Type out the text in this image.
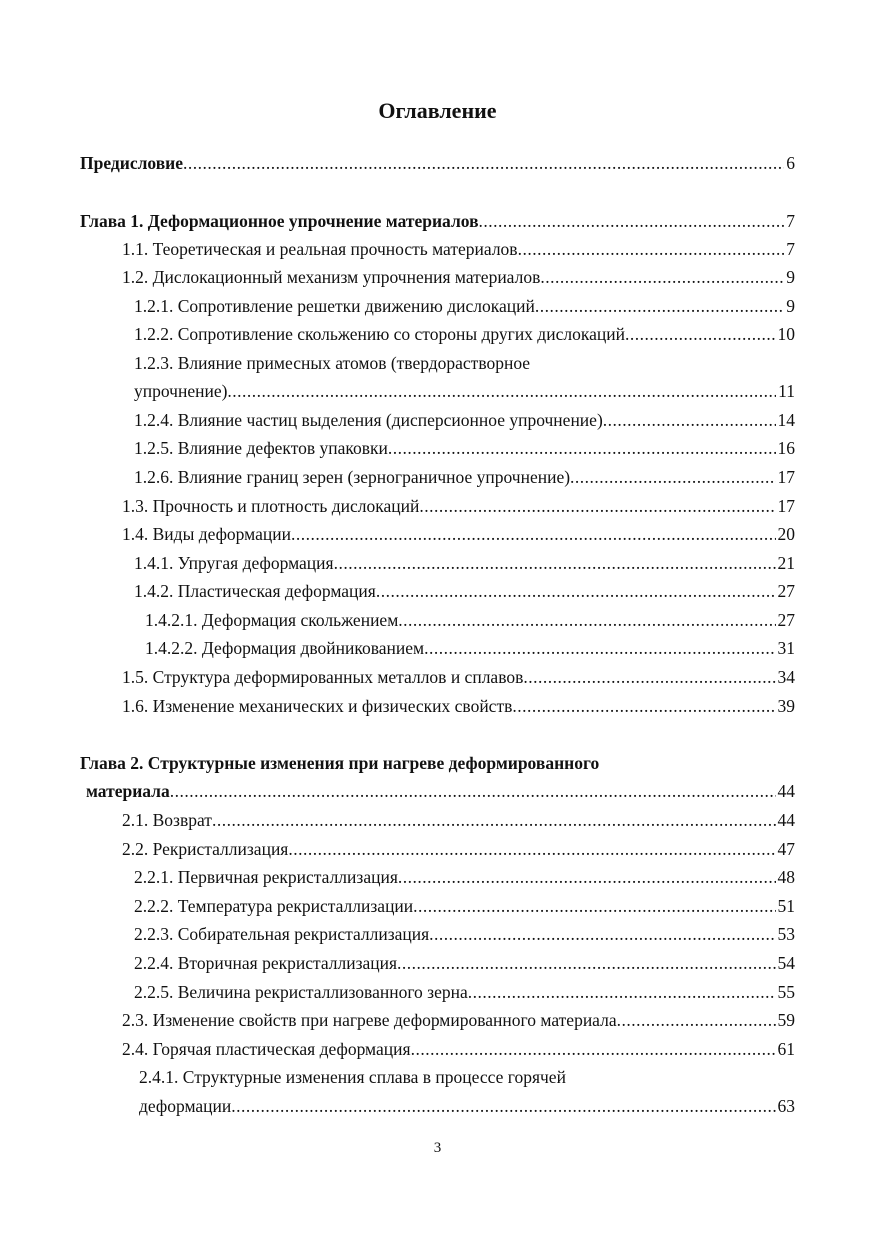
Оглавление
Предисловие .....	6
Глава 1. Деформационное упрочнение материалов .....	7
1.1. Теоретическая и реальная прочность материалов .....	7
1.2. Дислокационный механизм упрочнения материалов .....	9
1.2.1. Сопротивление решетки движению дислокаций .....	9
1.2.2. Сопротивление скольжению со стороны других дислокаций .....	10
1.2.3. Влияние примесных атомов (твердорастворное
упрочнение) .....	11
1.2.4. Влияние частиц выделения (дисперсионное упрочнение) .....	14
1.2.5. Влияние дефектов упаковки .....	16
1.2.6. Влияние границ зерен (зернограничное упрочнение) .....	17
1.3. Прочность и плотность дислокаций .....	17
1.4. Виды деформации .....	20
1.4.1. Упругая деформация .....	21
1.4.2. Пластическая деформация .....	27
1.4.2.1. Деформация скольжением .....	27
1.4.2.2. Деформация двойникованием .....	31
1.5. Структура деформированных металлов и сплавов .....	34
1.6. Изменение механических и физических свойств .....	39
Глава 2. Структурные изменения при нагреве деформированного
материала .....	44
2.1. Возврат .....	44
2.2. Рекристаллизация .....	47
2.2.1. Первичная рекристаллизация .....	48
2.2.2. Температура рекристаллизации .....	51
2.2.3. Собирательная рекристаллизация .....	53
2.2.4. Вторичная рекристаллизация .....	54
2.2.5. Величина рекристаллизованного зерна .....	55
2.3. Изменение свойств при нагреве деформированного материала .....	59
2.4. Горячая пластическая деформация .....	61
2.4.1. Структурные изменения сплава в процессе горячей
деформации .....	63
3
